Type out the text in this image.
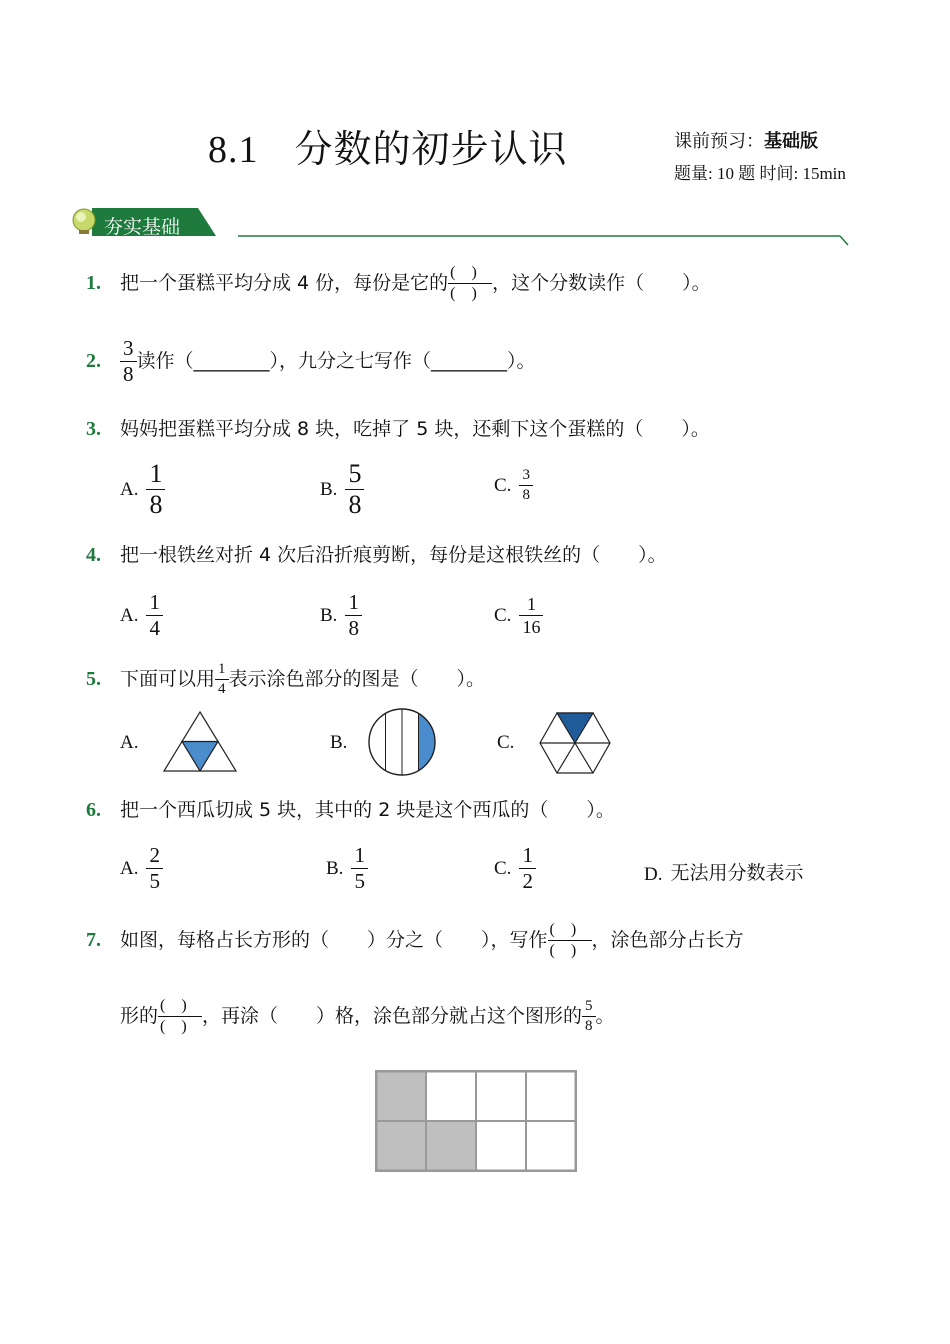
8.1 分数的初步认识	课前预习：基础版
题量: 10 题 时间: 15min
夯实基础
1. 把一个蛋糕平均分成 4 份，每份是它的 $\frac{( )}{( )}$ ，这个分数读作（　　）。
2. $\frac{3}{8}$ 读作（________），九分之七写作（________）。
3. 妈妈把蛋糕平均分成 8 块，吃掉了 5 块，还剩下这个蛋糕的（　　）。
A. $\frac{1}{8}$	B. $\frac{5}{8}$	C. $\frac{3}{8}$
4. 把一根铁丝对折 4 次后沿折痕剪断，每份是这根铁丝的（　　）。
A. $\frac{1}{4}$	B. $\frac{1}{8}$	C. $\frac{1}{16}$
5. 下面可以用 $\frac{1}{4}$ 表示涂色部分的图是（　　）。
A.	B.	C.
6. 把一个西瓜切成 5 块，其中的 2 块是这个西瓜的（　　）。
A. $\frac{2}{5}$	B. $\frac{1}{5}$	C. $\frac{1}{2}$	D. 无法用分数表示
7. 如图，每格占长方形的（　　）分之（　　），写作 $\frac{( )}{( )}$ ，涂色部分占长方
形的 $\frac{( )}{( )}$ ，再涂（　　）格，涂色部分就占这个图形的 $\frac{5}{8}$ 。
